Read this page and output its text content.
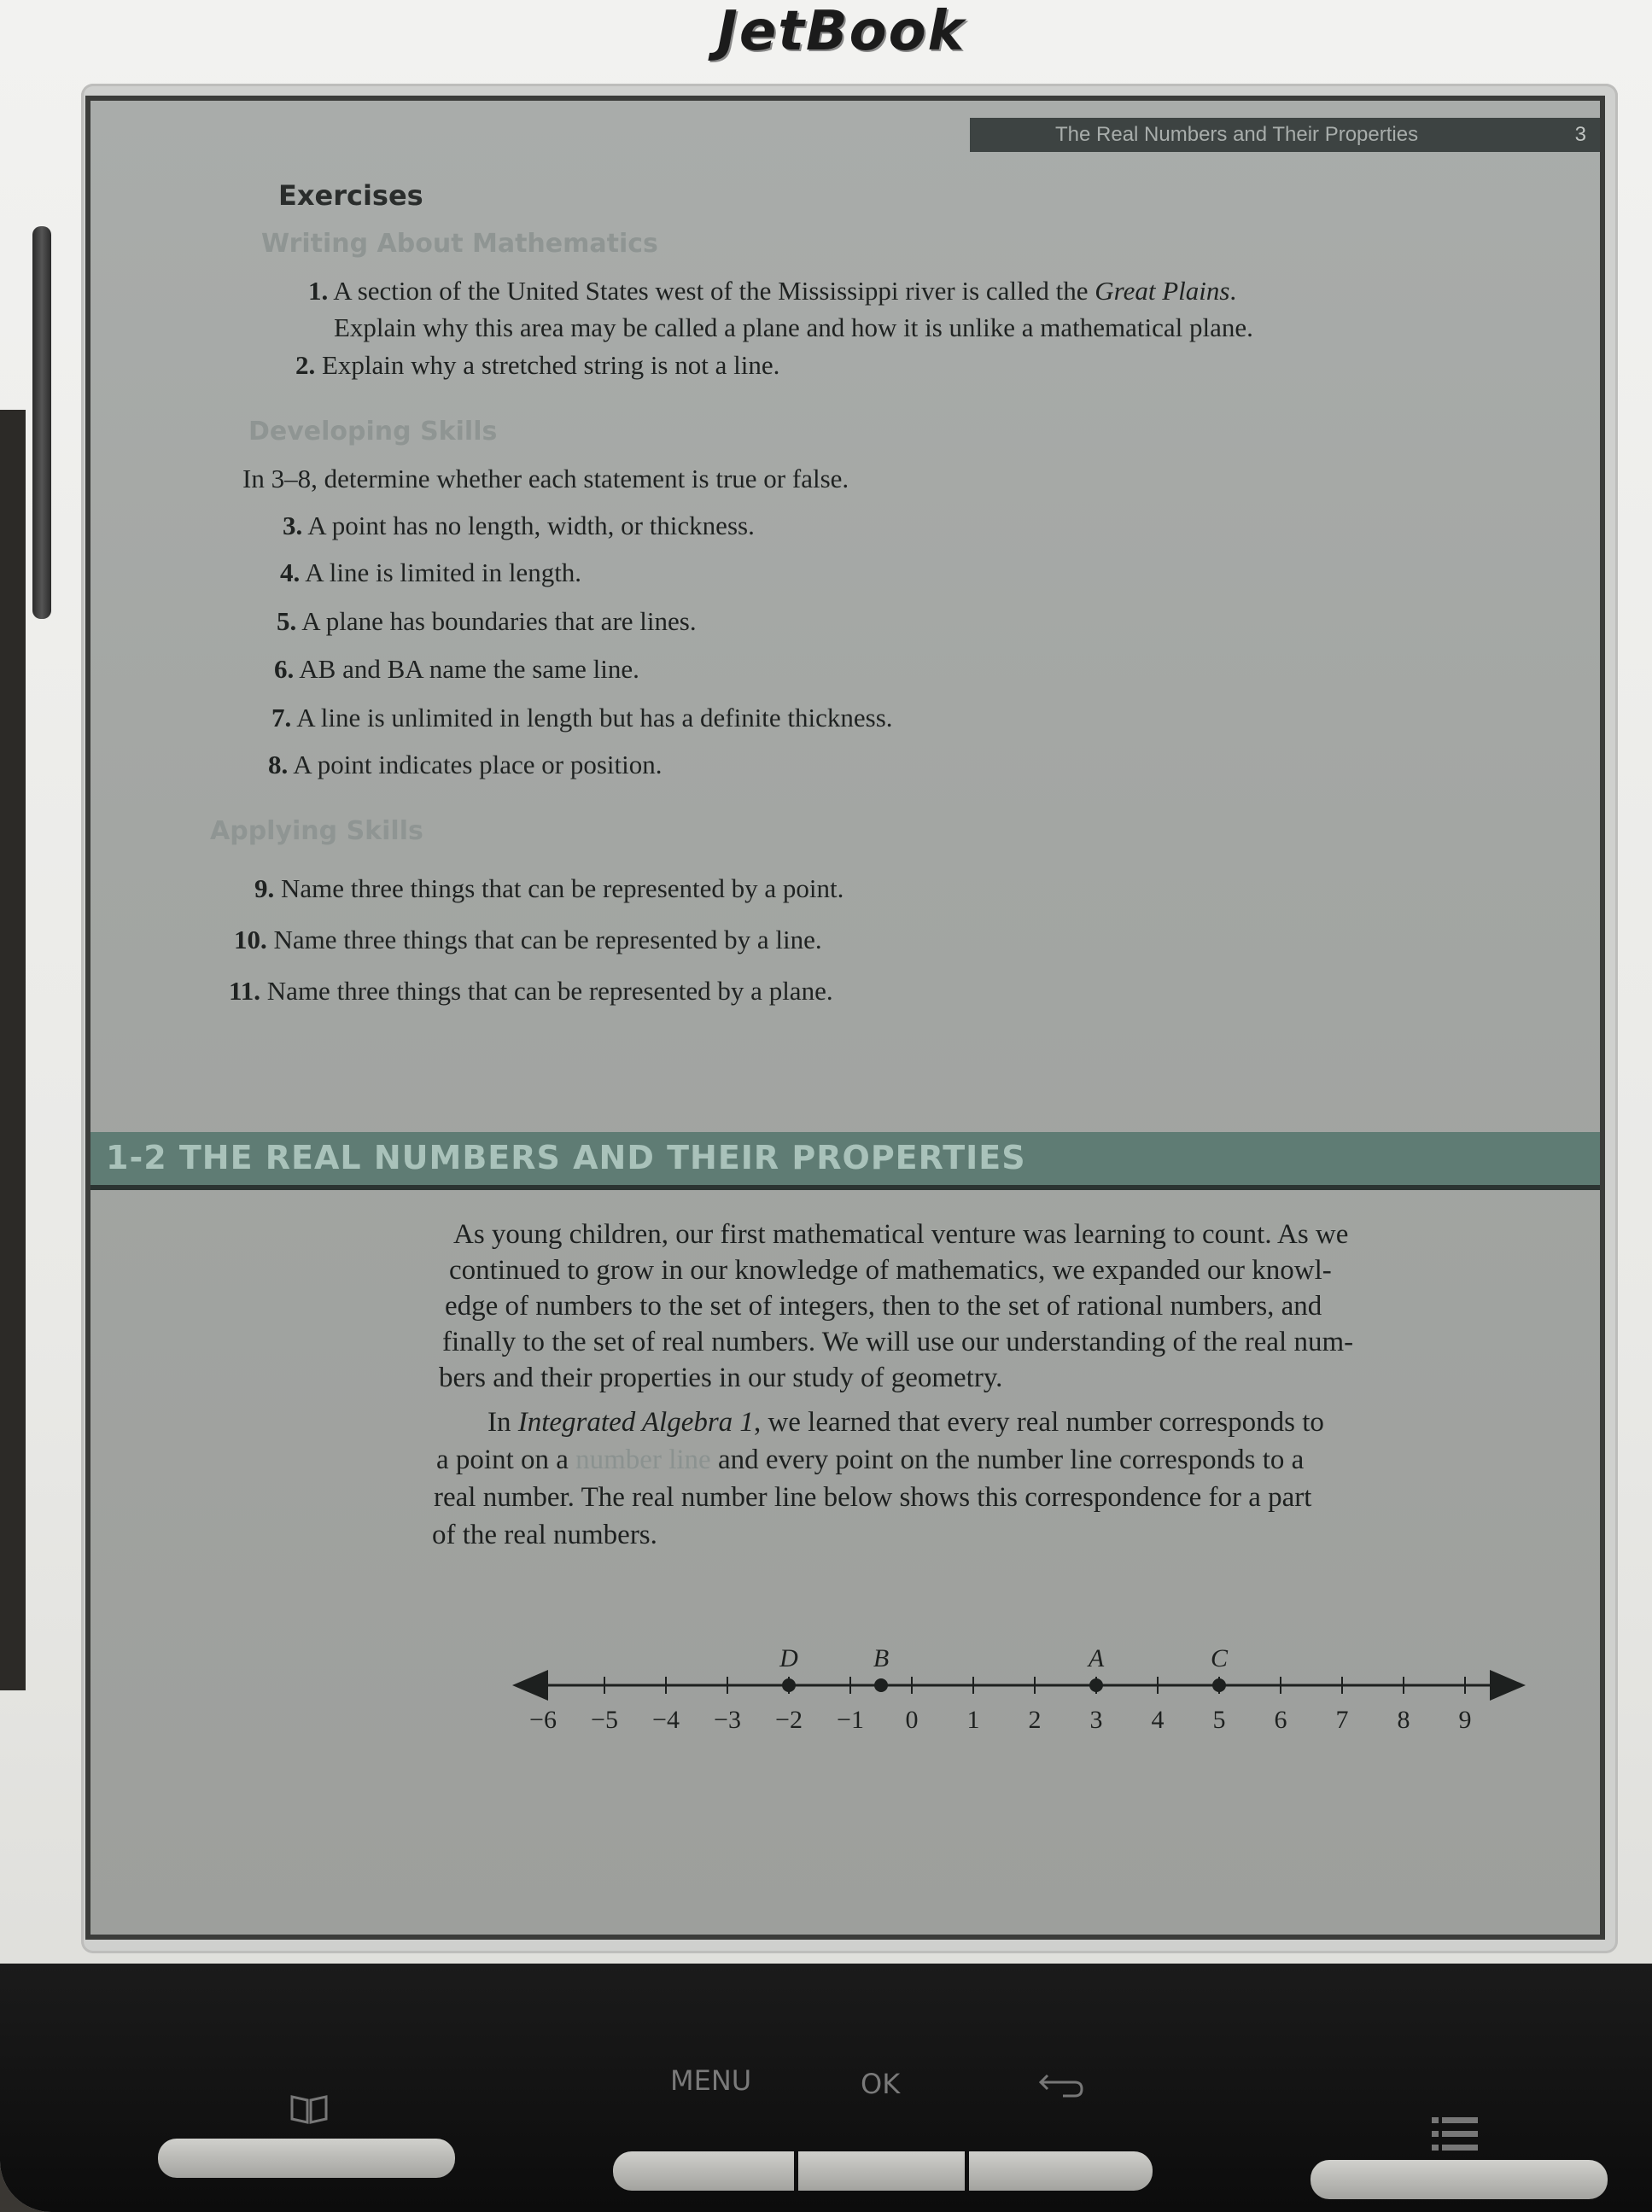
JetBook
The Real Numbers and Their Properties	3
Exercises
Writing About Mathematics
1. A section of the United States west of the Mississippi river is called the Great Plains.
Explain why this area may be called a plane and how it is unlike a mathematical plane.
2. Explain why a stretched string is not a line.
Developing Skills
In 3–8, determine whether each statement is true or false.
3. A point has no length, width, or thickness.
4. A line is limited in length.
5. A plane has boundaries that are lines.
6. AB and BA name the same line.
7. A line is unlimited in length but has a definite thickness.
8. A point indicates place or position.
Applying Skills
9. Name three things that can be represented by a point.
10. Name three things that can be represented by a line.
11. Name three things that can be represented by a plane.
1-2 THE REAL NUMBERS AND THEIR PROPERTIES
As young children, our first mathematical venture was learning to count. As we
continued to grow in our knowledge of mathematics, we expanded our knowl-
edge of numbers to the set of integers, then to the set of rational numbers, and
finally to the set of real numbers. We will use our understanding of the real num-
bers and their properties in our study of geometry.
In Integrated Algebra 1, we learned that every real number corresponds to
a point on a number line and every point on the number line corresponds to a
real number. The real number line below shows this correspondence for a part
of the real numbers.
−6 −5 −4 −3 −2 −1 0 1 2 3 4 5 6 7 8 9
D	B	A	C
MENU	OK
